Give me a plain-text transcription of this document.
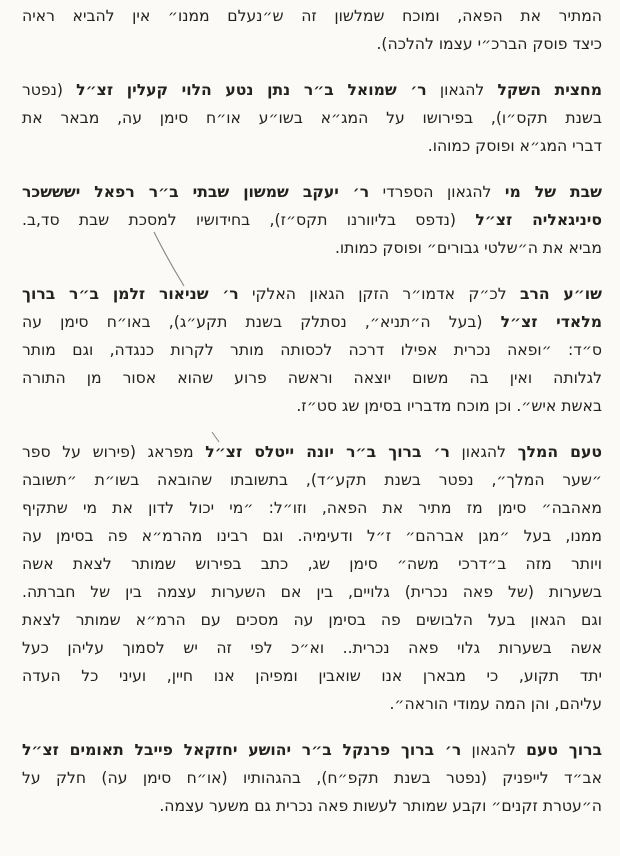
המתיר את הפאה, ומוכח שמלשון זה ש״נעלם ממנו״ אין להביא ראיה
כיצד פוסק הברכ״י עצמו להלכה).

מחצית השקל להגאון ר׳ שמואל ב״ר נתן נטע הלוי קעלין זצ״ל (נפטר
בשנת תקס״ו), בפירושו על המג״א בשו״ע או״ח סימן עה, מבאר את
דברי המג״א ופוסק כמוהו.

שבת של מי להגאון הספרדי ר׳ יעקב שמשון שבתי ב״ר רפאל ישששכר
סיניגאליה זצ״ל (נדפס בליוורנו תקס״ז), בחידושיו למסכת שבת סד,ב.
מביא את ה״שלטי גבורים״ ופוסק כמותו.

שו״ע הרב לכ״ק אדמו״ר הזקן הגאון האלקי ר׳ שניאור זלמן ב״ר ברוך
מלאדי זצ״ל (בעל ה״תניא״, נסתלק בשנת תקע״ג), באו״ח סימן עה
ס״ד: ״ופאה נכרית אפילו דרכה לכסותה מותר לקרות כנגדה, וגם מותר
לגלותה ואין בה משום יוצאה וראשה פרוע שהוא אסור מן התורה
באשת איש״. וכן מוכח מדבריו בסימן שג סט״ז.

טעם המלך להגאון ר׳ ברוך ב״ר יונה ייטלס זצ״ל מפראג (פירוש על ספר
״שער המלך״, נפטר בשנת תקע״ד), בתשובתו שהובאה בשו״ת ״תשובה
מאהבה״ סימן מז מתיר את הפאה, וזו״ל: ״מי יכול לדון את מי שתקיף
ממנו, בעל ״מגן אברהם״ ז״ל ודעימיה. וגם רבינו מהרמ״א פה בסימן עה
ויותר מזה ב״דרכי משה״ סימן שג, כתב בפירוש שמותר לצאת אשה
בשערות (של פאה נכרית) גלויים, בין אם השערות עצמה בין של חברתה.
וגם הגאון בעל הלבושים פה בסימן עה מסכים עם הרמ״א שמותר לצאת
אשה בשערות גלוי פאה נכרית.. וא״כ לפי זה יש לסמוך עליהן כעל
יתד תקוע, כי מבארן אנו שואבין ומפיהן אנו חיין, ועיני כל העדה
עליהם, והן המה עמודי הוראה״.

ברוך טעם להגאון ר׳ ברוך פרנקל ב״ר יהושע יחזקאל פייבל תאומים זצ״ל
אב״ד לייפניק (נפטר בשנת תקפ״ח), בהגהותיו (או״ח סימן עה) חלק על
ה״עטרת זקנים״ וקבע שמותר לעשות פאה נכרית גם משער עצמה.
